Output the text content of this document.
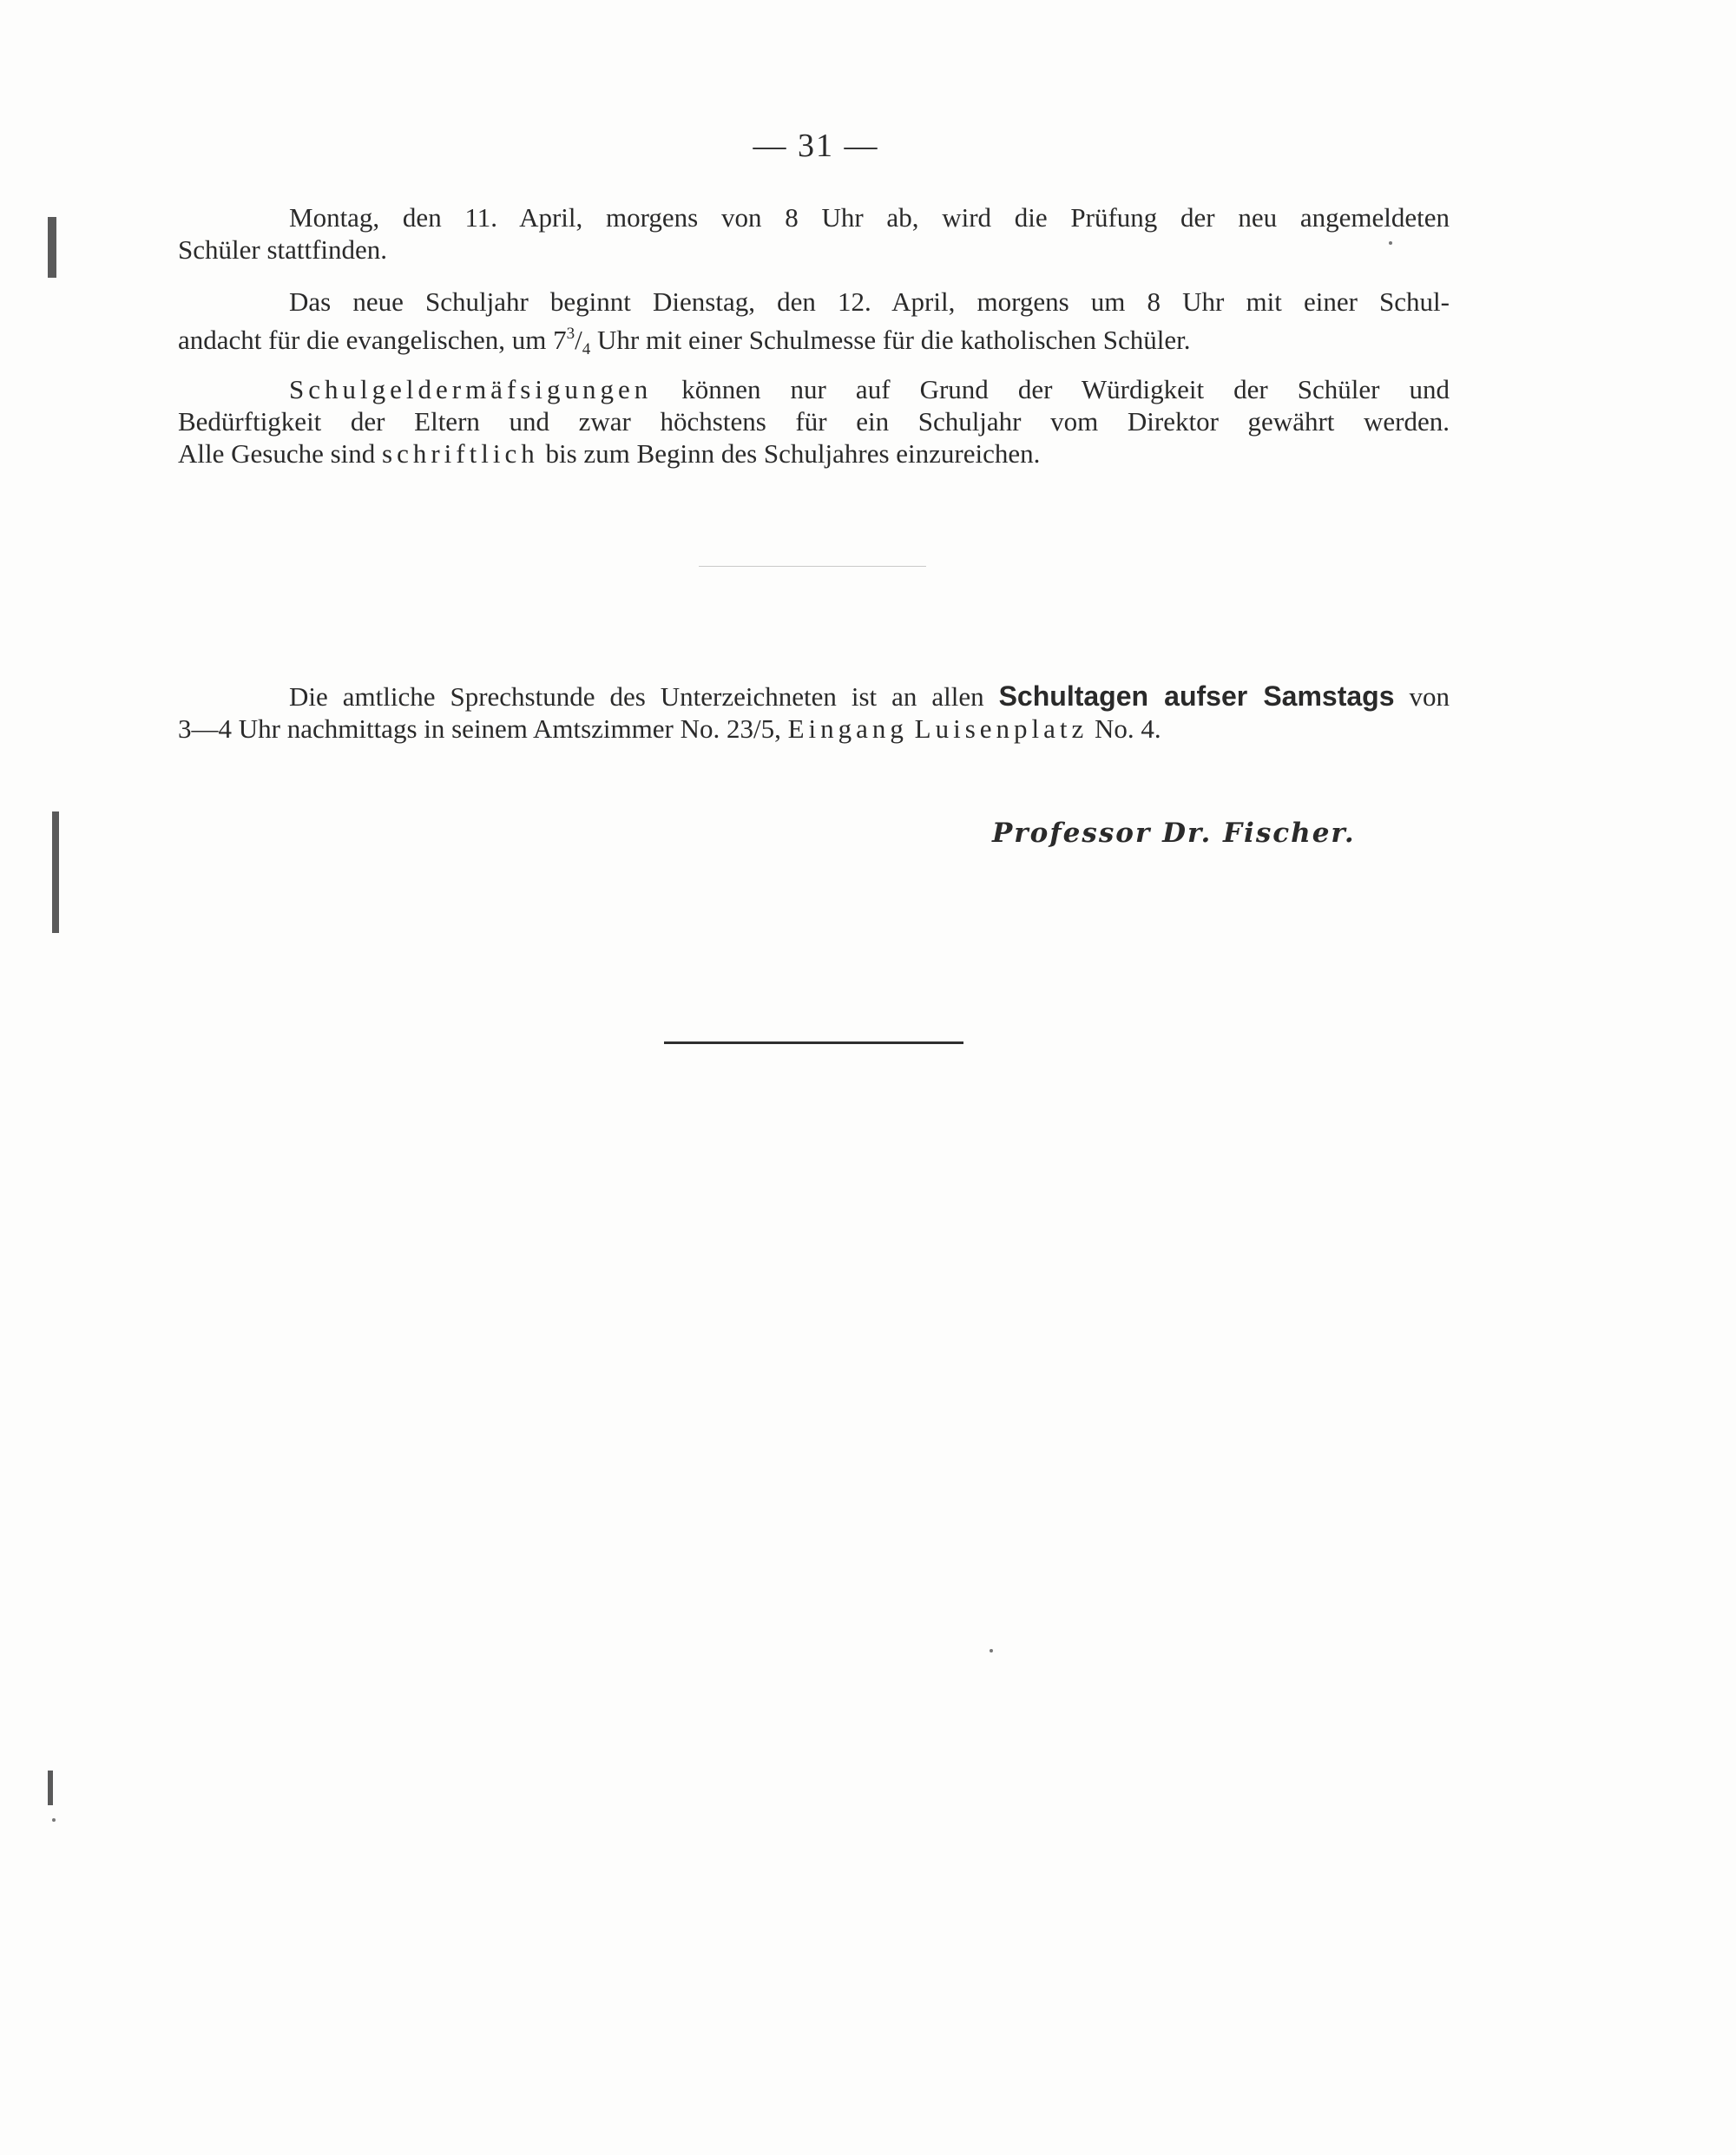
— 31 —
Montag, den 11. April, morgens von 8 Uhr ab, wird die Prüfung der neu angemeldeten
Schüler stattfinden.
Das neue Schuljahr beginnt Dienstag, den 12. April, morgens um 8 Uhr mit einer Schul-
andacht für die evangelischen, um $7^3/_4$ Uhr mit einer Schulmesse für die katholischen Schüler.
Schulgeldermäfsigungen können nur auf Grund der Würdigkeit der Schüler und
Bedürftigkeit der Eltern und zwar höchstens für ein Schuljahr vom Direktor gewährt werden.
Alle Gesuche sind schriftlich bis zum Beginn des Schuljahres einzureichen.
Die amtliche Sprechstunde des Unterzeichneten ist an allen Schultagen aufser Samstags von
3—4 Uhr nachmittags in seinem Amtszimmer No. 23/5, Eingang Luisenplatz No. 4.
Professor Dr. Fischer.
